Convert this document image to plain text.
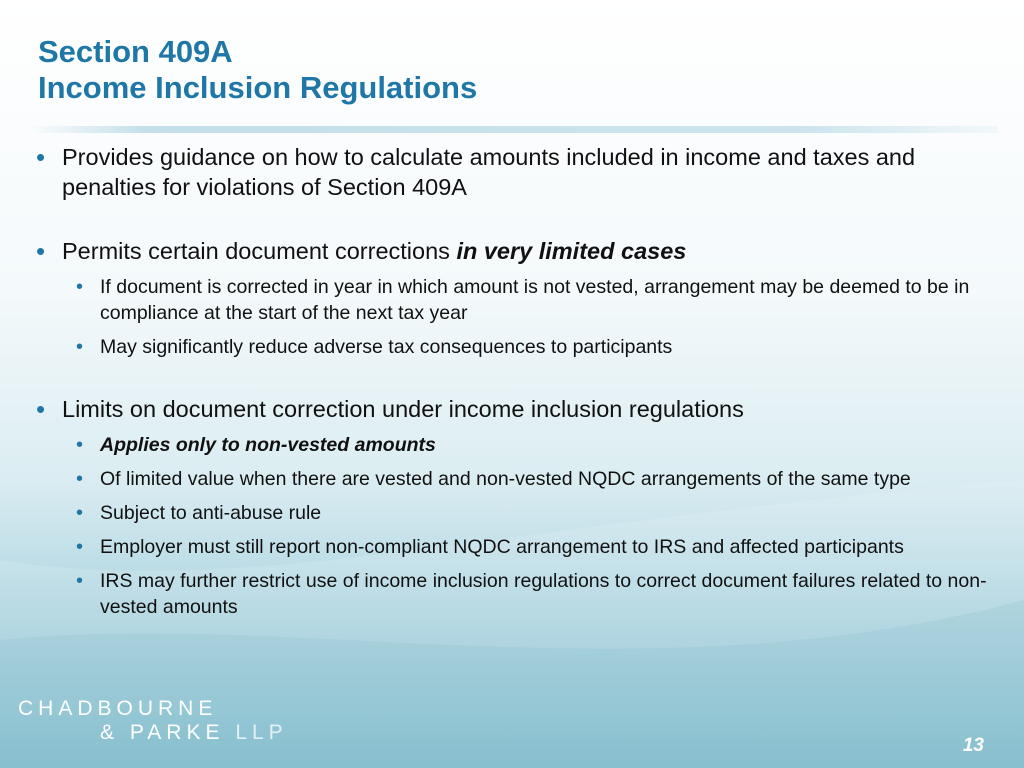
Section 409A
Income Inclusion Regulations
• Provides guidance on how to calculate amounts included in income and taxes and penalties for violations of Section 409A
• Permits certain document corrections in very limited cases
• If document is corrected in year in which amount is not vested, arrangement may be deemed to be in compliance at the start of the next tax year
• May significantly reduce adverse tax consequences to participants
• Limits on document correction under income inclusion regulations
• Applies only to non-vested amounts
• Of limited value when there are vested and non-vested NQDC arrangements of the same type
• Subject to anti-abuse rule
• Employer must still report non-compliant NQDC arrangement to IRS and affected participants
• IRS may further restrict use of income inclusion regulations to correct document failures related to non-vested amounts
CHADBOURNE
& PARKE LLP
13
